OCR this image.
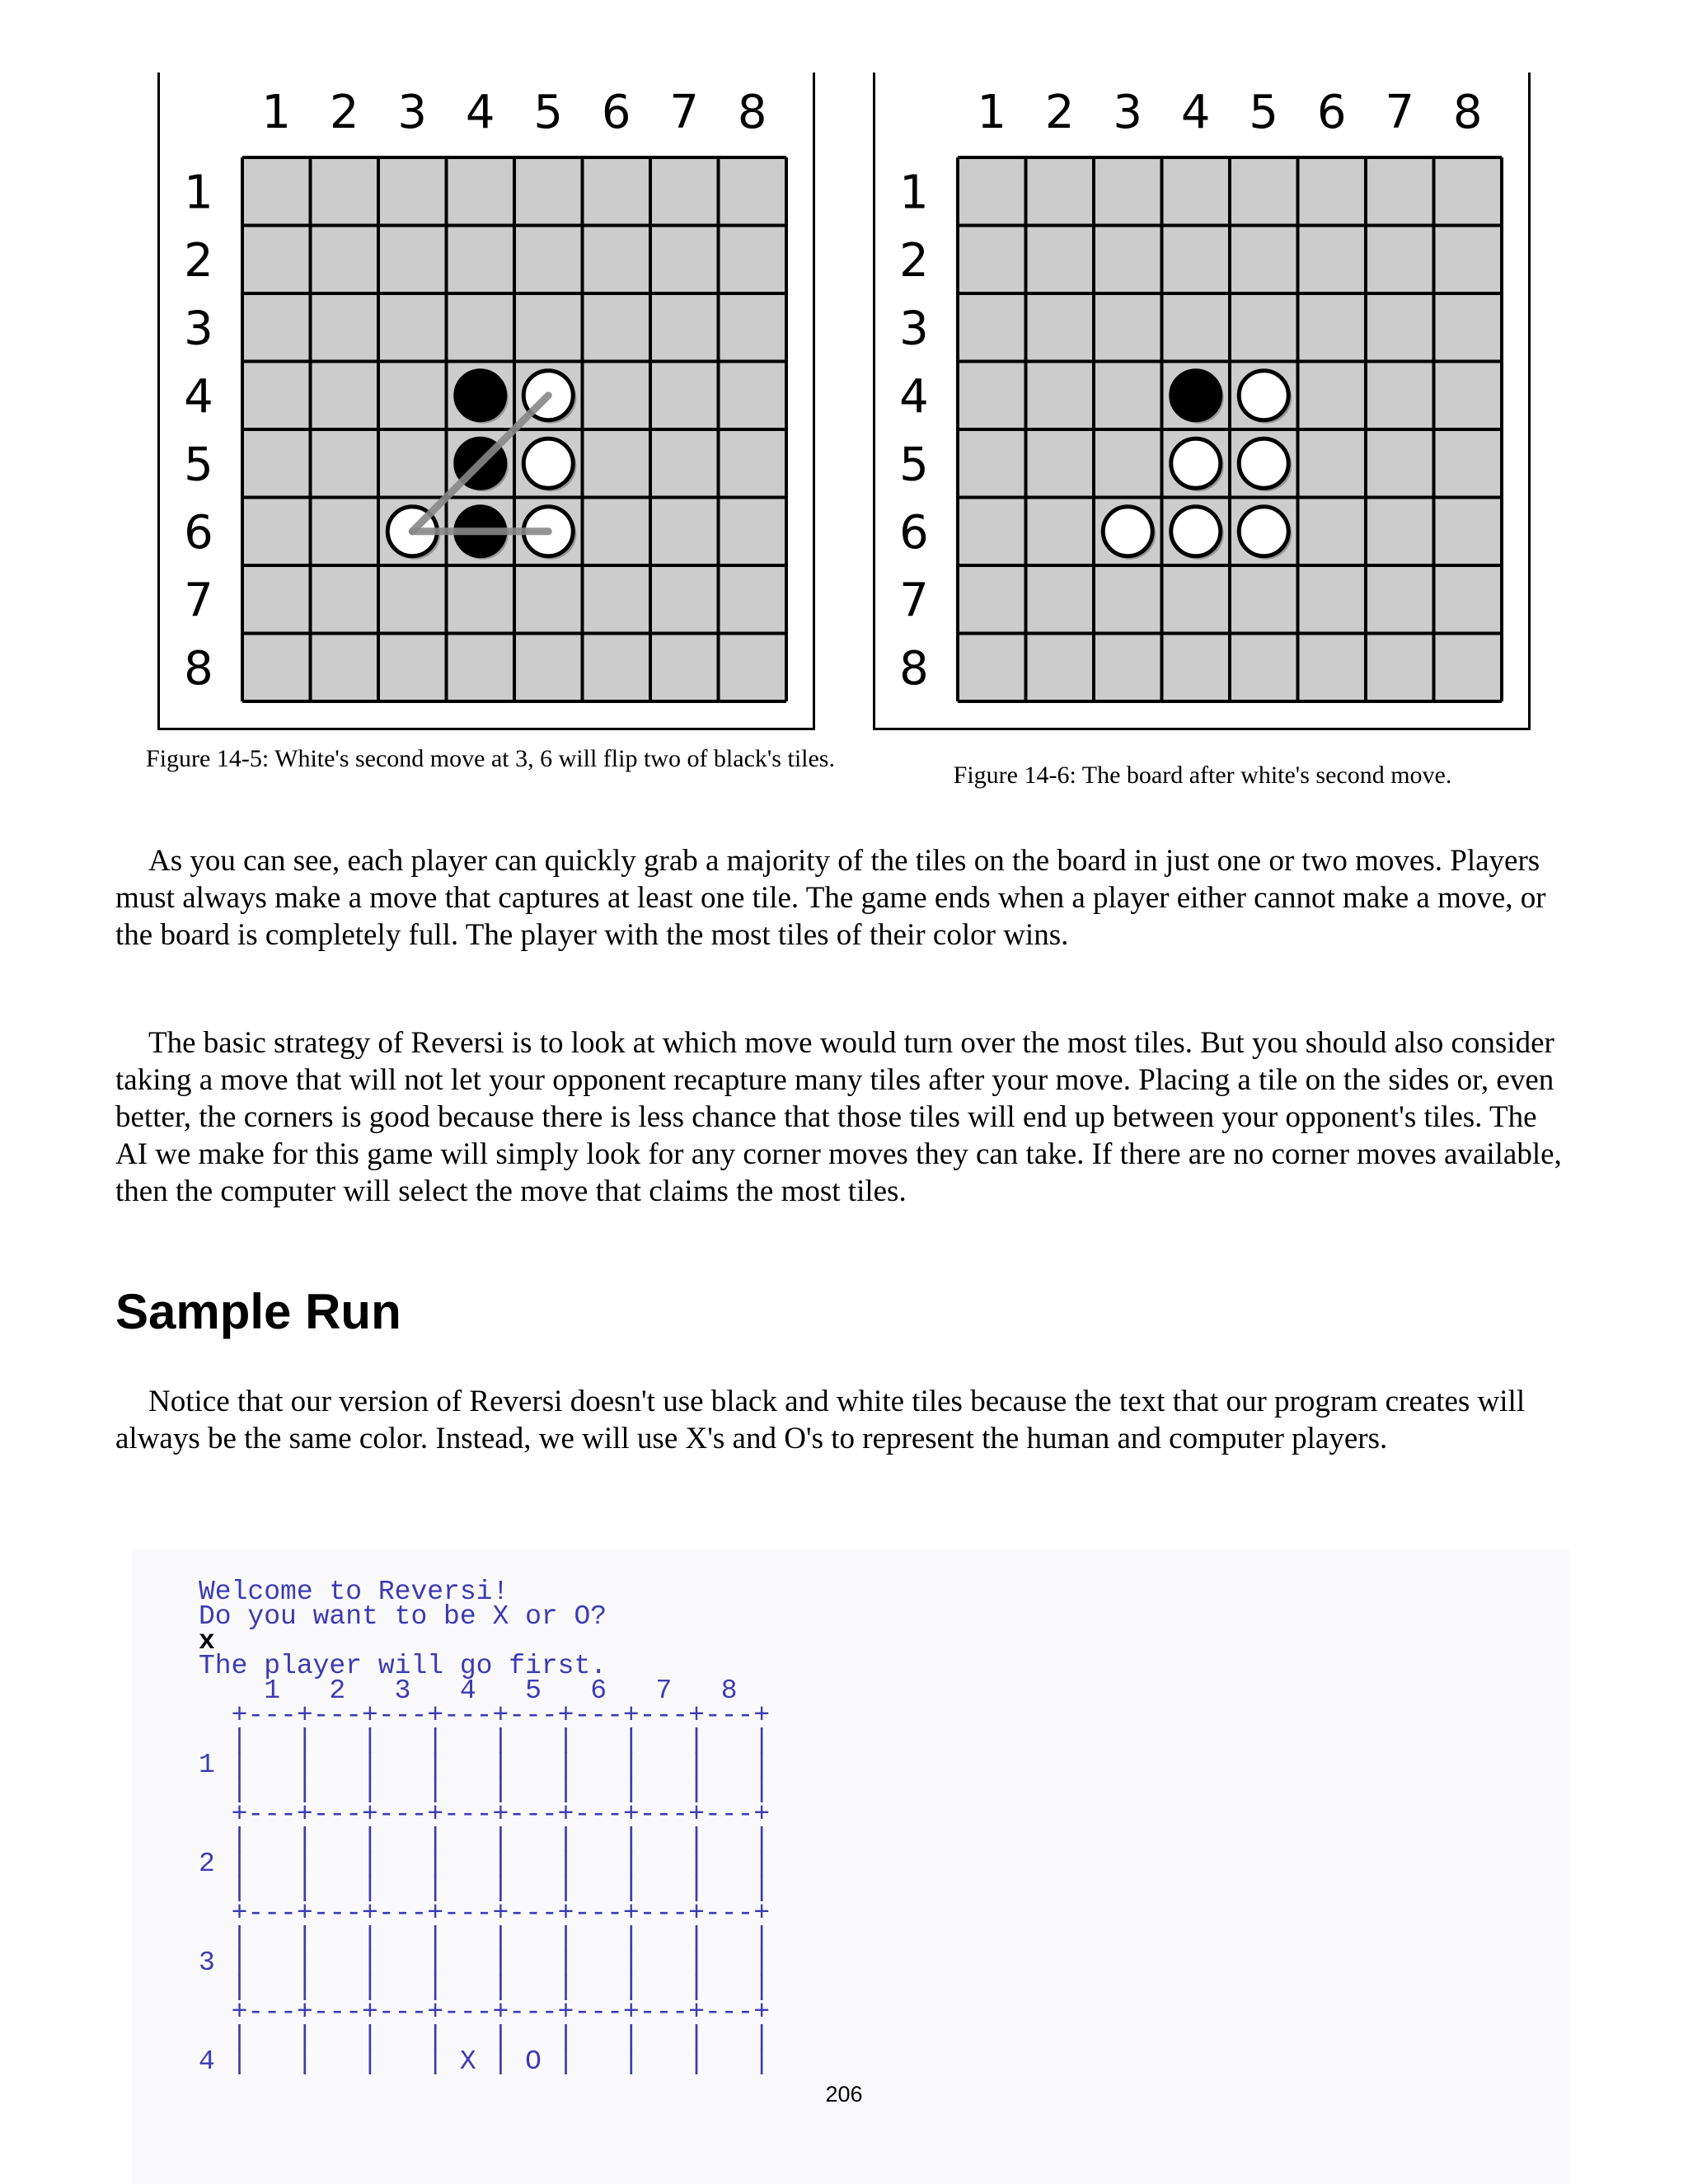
1 2 3 4 5 6 7 8
1
2
3
4
5
6
7
8
Figure 14-5: White's second move at 3, 6 will flip two of black's tiles.
1 2 3 4 5 6 7 8
1
2
3
4
5
6
7
8
Figure 14-6: The board after white's second move.

As you can see, each player can quickly grab a majority of the tiles on the board in just one or two moves. Players must always make a move that captures at least one tile. The game ends when a player either cannot make a move, or the board is completely full. The player with the most tiles of their color wins.

The basic strategy of Reversi is to look at which move would turn over the most tiles. But you should also consider taking a move that will not let your opponent recapture many tiles after your move. Placing a tile on the sides or, even better, the corners is good because there is less chance that those tiles will end up between your opponent's tiles. The AI we make for this game will simply look for any corner moves they can take. If there are no corner moves available, then the computer will select the move that claims the most tiles.

Sample Run

Notice that our version of Reversi doesn't use black and white tiles because the text that our program creates will always be the same color. Instead, we will use X's and O's to represent the human and computer players.

Welcome to Reversi!
Do you want to be X or O?
x
The player will go first.
1   2   3   4   5   6   7   8
+---+---+---+---+---+---+---+---+
|   |   |   |   |   |   |   |   |
1 |   |   |   |   |   |   |   |   |
|   |   |   |   |   |   |   |   |
+---+---+---+---+---+---+---+---+
|   |   |   |   |   |   |   |   |
2 |   |   |   |   |   |   |   |   |
|   |   |   |   |   |   |   |   |
+---+---+---+---+---+---+---+---+
|   |   |   |   |   |   |   |   |
3 |   |   |   |   |   |   |   |   |
|   |   |   |   |   |   |   |   |
+---+---+---+---+---+---+---+---+
|   |   |   |   |   |   |   |   |
4 |   |   |   | X | O |   |   |   |
206
